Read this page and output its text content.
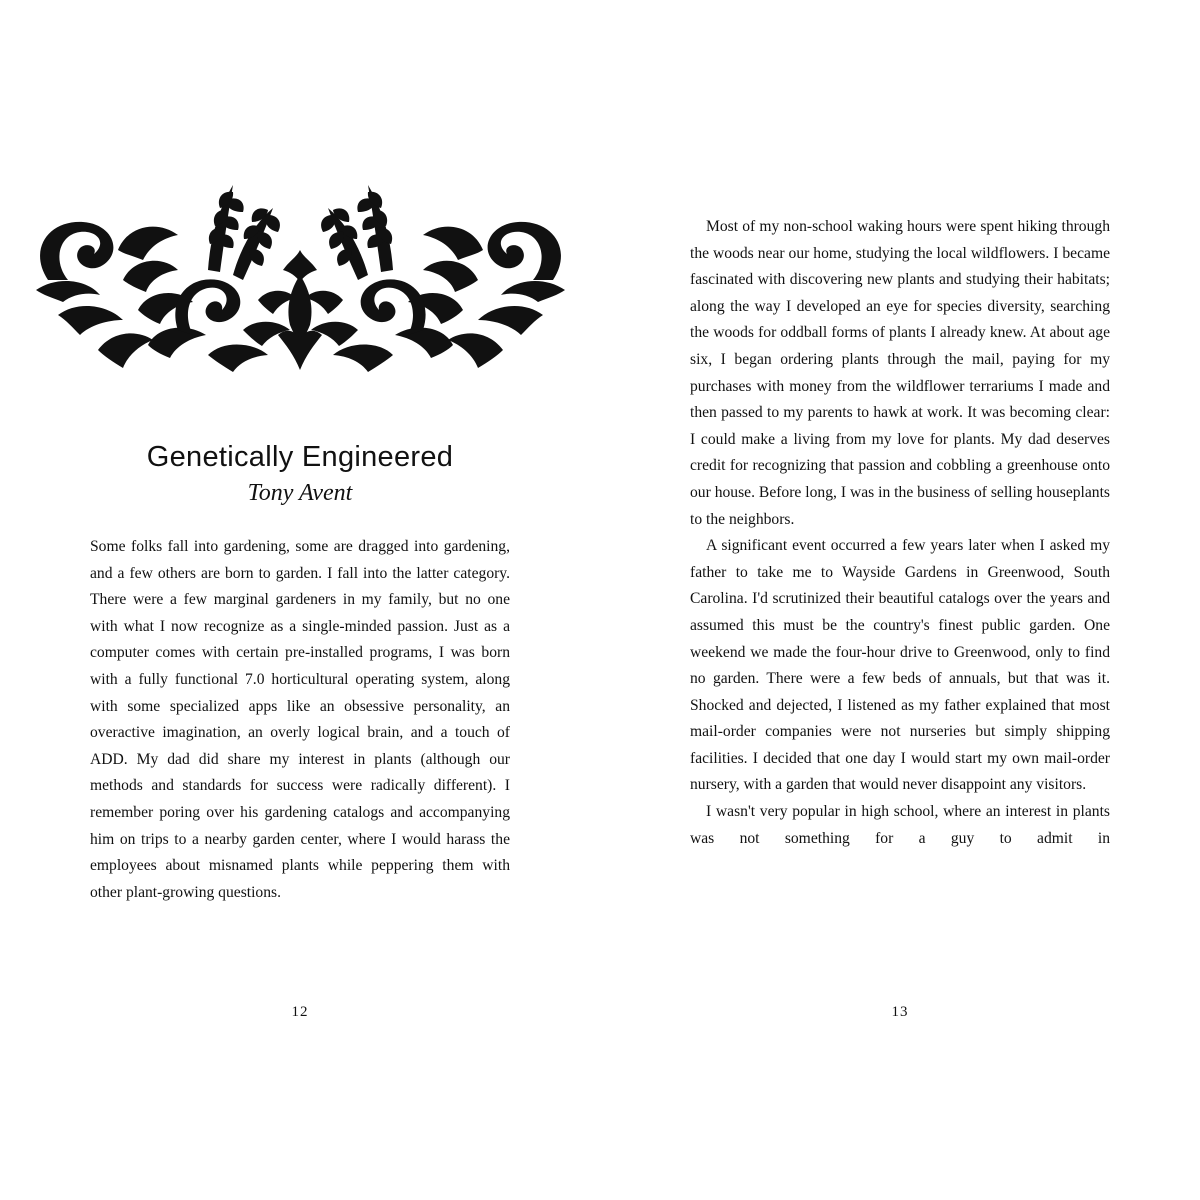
Genetically Engineered
Tony Avent

Some folks fall into gardening, some are dragged into gardening, and a few others are born to garden. I fall into the latter category. There were a few marginal gardeners in my family, but no one with what I now recognize as a single-minded passion. Just as a computer comes with certain pre-installed programs, I was born with a fully functional 7.0 horticultural operating system, along with some specialized apps like an obsessive personality, an overactive imagination, an overly logical brain, and a touch of ADD. My dad did share my interest in plants (although our methods and standards for success were radically different). I remember poring over his gardening catalogs and accompanying him on trips to a nearby garden center, where I would harass the employees about misnamed plants while peppering them with other plant-growing questions.

12

Most of my non-school waking hours were spent hiking through the woods near our home, studying the local wildflowers. I became fascinated with discovering new plants and studying their habitats; along the way I developed an eye for species diversity, searching the woods for oddball forms of plants I already knew. At about age six, I began ordering plants through the mail, paying for my purchases with money from the wildflower terrariums I made and then passed to my parents to hawk at work. It was becoming clear: I could make a living from my love for plants. My dad deserves credit for recognizing that passion and cobbling a greenhouse onto our house. Before long, I was in the business of selling houseplants to the neighbors.

A significant event occurred a few years later when I asked my father to take me to Wayside Gardens in Greenwood, South Carolina. I'd scrutinized their beautiful catalogs over the years and assumed this must be the country's finest public garden. One weekend we made the four-hour drive to Greenwood, only to find no garden. There were a few beds of annuals, but that was it. Shocked and dejected, I listened as my father explained that most mail-order companies were not nurseries but simply shipping facilities. I decided that one day I would start my own mail-order nursery, with a garden that would never disappoint any visitors.

I wasn't very popular in high school, where an interest in plants was not something for a guy to admit in

13
